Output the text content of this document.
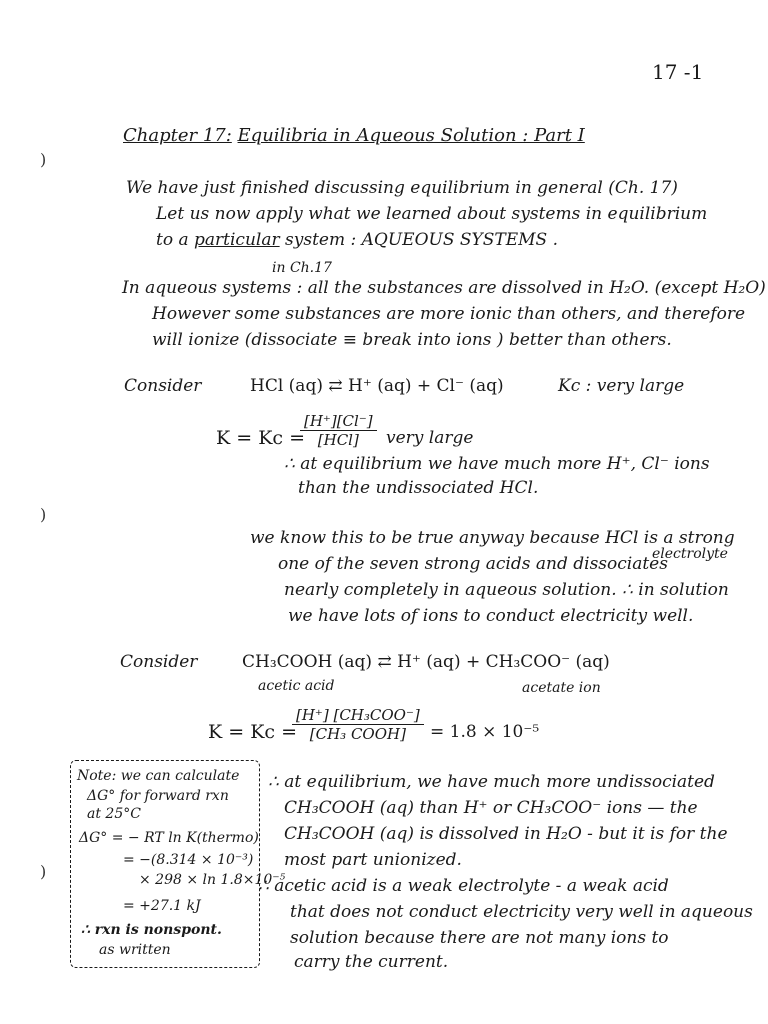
)
)
)
17 -1
Chapter 17: Equilibria in Aqueous Solution : Part I
We have just finished discussing equilibrium in general (Ch. 17)
Let us now apply what we learned about systems in equilibrium
to a particular system : AQUEOUS SYSTEMS .
in Ch.17
In aqueous systems : all the substances are dissolved in H₂O. (except H₂O)
However some substances are more ionic than others, and therefore
will ionize (dissociate ≡ break into ions ) better than others.
Consider	HCl (aq) ⇄ H⁺ (aq) + Cl⁻ (aq)	Kc : very large
K = Kc =
[H⁺][Cl⁻]
[HCl]	very large
∴ at equilibrium we have much more H⁺, Cl⁻ ions
than the undissociated HCl.
we know this to be true anyway because HCl is a strong
electrolyte
one of the seven strong acids and dissociates
nearly completely in aqueous solution. ∴ in solution
we have lots of ions to conduct electricity well.
Consider	CH₃COOH (aq) ⇄ H⁺ (aq) + CH₃COO⁻ (aq)
acetic acid	acetate ion
K = Kc =
[H⁺] [CH₃COO⁻]
[CH₃ COOH]	= 1.8 × 10⁻⁵
∴ at equilibrium, we have much more undissociated
CH₃COOH (aq) than H⁺ or CH₃COO⁻ ions — the
CH₃COOH (aq) is dissolved in H₂O - but it is for the
most part unionized.
∴ acetic acid is a weak electrolyte - a weak acid
that does not conduct electricity very well in aqueous
solution because there are not many ions to
carry the current.
Note: we can calculate
ΔG° for forward rxn
at 25°C
ΔG° = − RT ln K(thermo)
= −(8.314 × 10⁻³)
× 298 × ln 1.8×10⁻⁵
= +27.1 kJ
∴ rxn is nonspont.
as written
